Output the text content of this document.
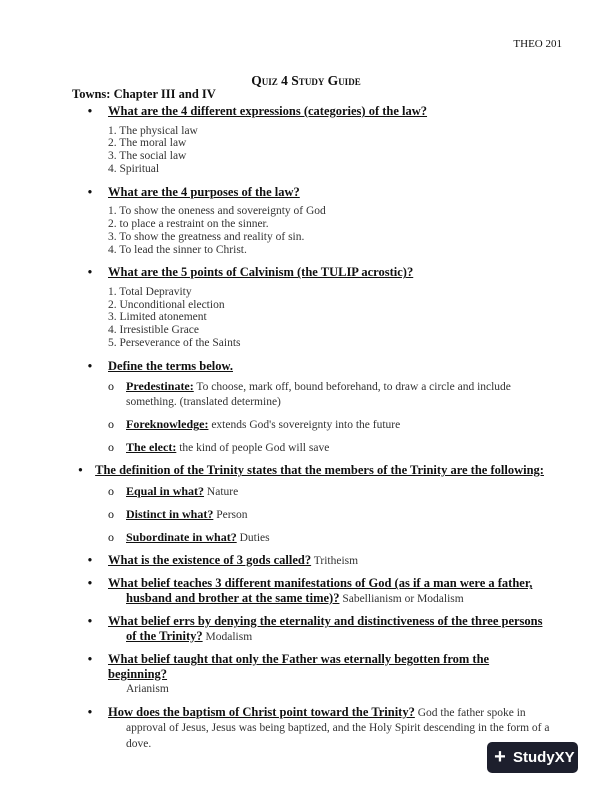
THEO 201
Quiz 4 Study Guide
Towns: Chapter III and IV
•	What are the 4 different expressions (categories) of the law?
1. The physical law
2. The moral law
3. The social law
4. Spiritual
•	What are the 4 purposes of the law?
1. To show the oneness and sovereignty of God
2. to place a restraint on the sinner.
3. To show the greatness and reality of sin.
4. To lead the sinner to Christ.
•	What are the 5 points of Calvinism (the TULIP acrostic)?
1. Total Depravity
2. Unconditional election
3. Limited atonement
4. Irresistible Grace
5. Perseverance of the Saints
•	Define the terms below.
o	Predestinate: To choose, mark off, bound beforehand, to draw a circle and include something. (translated determine)
o	Foreknowledge: extends God's sovereignty into the future
o	The elect: the kind of people God will save
•    The definition of the Trinity states that the members of the Trinity are the following:
o	Equal in what? Nature
o	Distinct in what? Person
o	Subordinate in what? Duties
•	What is the existence of 3 gods called? Tritheism
•	What belief teaches 3 different manifestations of God (as if a man were a father, husband and brother at the same time)? Sabellianism or Modalism
•	What belief errs by denying the eternality and distinctiveness of the three persons of the Trinity? Modalism
•	What belief taught that only the Father was eternally begotten from the beginning?
Arianism
•	How does the baptism of Christ point toward the Trinity? God the father spoke in approval of Jesus, Jesus was being baptized, and the Holy Spirit descending in the form of a dove.
+ StudyXY
